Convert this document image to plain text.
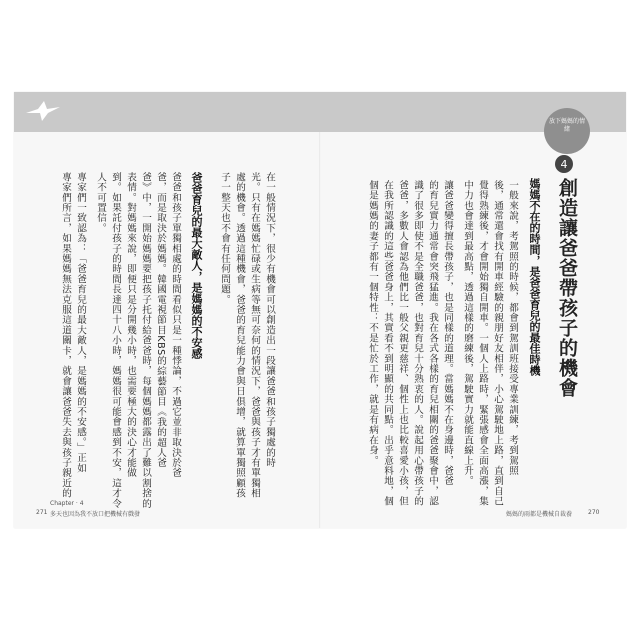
放下媽媽的情緒
4
創造讓爸爸帶孩子的機會
媽媽不在的時間，是爸爸育兒的最佳時機
一般來說，考駕照的時候，都會到駕訓班接受專業訓練，考到駕照
後，通常還會找有開車經驗的親朋好友相伴，小心駕駛地上路，直到自己
覺得熟練後，才會開始獨自開車。一個人上路時，緊張感會全面高漲，集
中力也會達到最高點，透過這樣的磨練後，駕駛實力就能直線上升。
讓爸爸變得擅長帶孩子，也是同樣的道理。當媽媽不在身邊時，爸爸
的育兒實力通常會突飛猛進。我在各式各樣的育兒相關的爸爸聚會中，認
識了很多即使不是全職爸爸，也對育兒十分熟衷的人。說起用心帶孩子的
爸爸，多數人會認為他們比一般父親更慈祥、個性上也比較喜愛小孩，但
在我所認識的這些爸爸身上，其實看不到明顯的共同點。出乎意料地，個
個是媽媽的妻子都有一個特性：不是忙於工作，就是有病在身。
在一般情況下，很少有機會可以創造出一段讓爸爸和孩子獨處的時
光。只有在媽媽忙碌或生病等無可奈何的情況下，爸爸與孩子才有單獨相
處的機會。透過這種機會，爸爸的育兒能力會與日俱增，就算單獨照顧孩
子一整天也不會有任何問題。
爸爸育兒的最大敵人，是媽媽的不安感
爸爸和孩子單獨相處的時間看似只是一種悸論，不過它並非取決於爸
爸，而是取決於媽媽。韓國電視節目KBS的綜藝節目《我的超人爸
爸》中，一開始媽媽要把孩子托付給爸爸時，每個媽媽都露出了難以割捨的
表情。對媽媽來說，即便只是分開幾小時，也需要極大的決心才能做
到。如果託付孩子的時間長達四十八小時，媽媽很可能會感到不安，這才令
人不可置信。
專家們一致認為：「爸爸育兒的最大敵人，是媽媽的不安感。」正如
專家們所言，如果媽媽無法克服這道關卡，就會讓爸爸失去與孩子親近的
Chapter · 4
271 多天也因為我不放口把機械有戲發	媽媽的雨都是機械自裁養	270
